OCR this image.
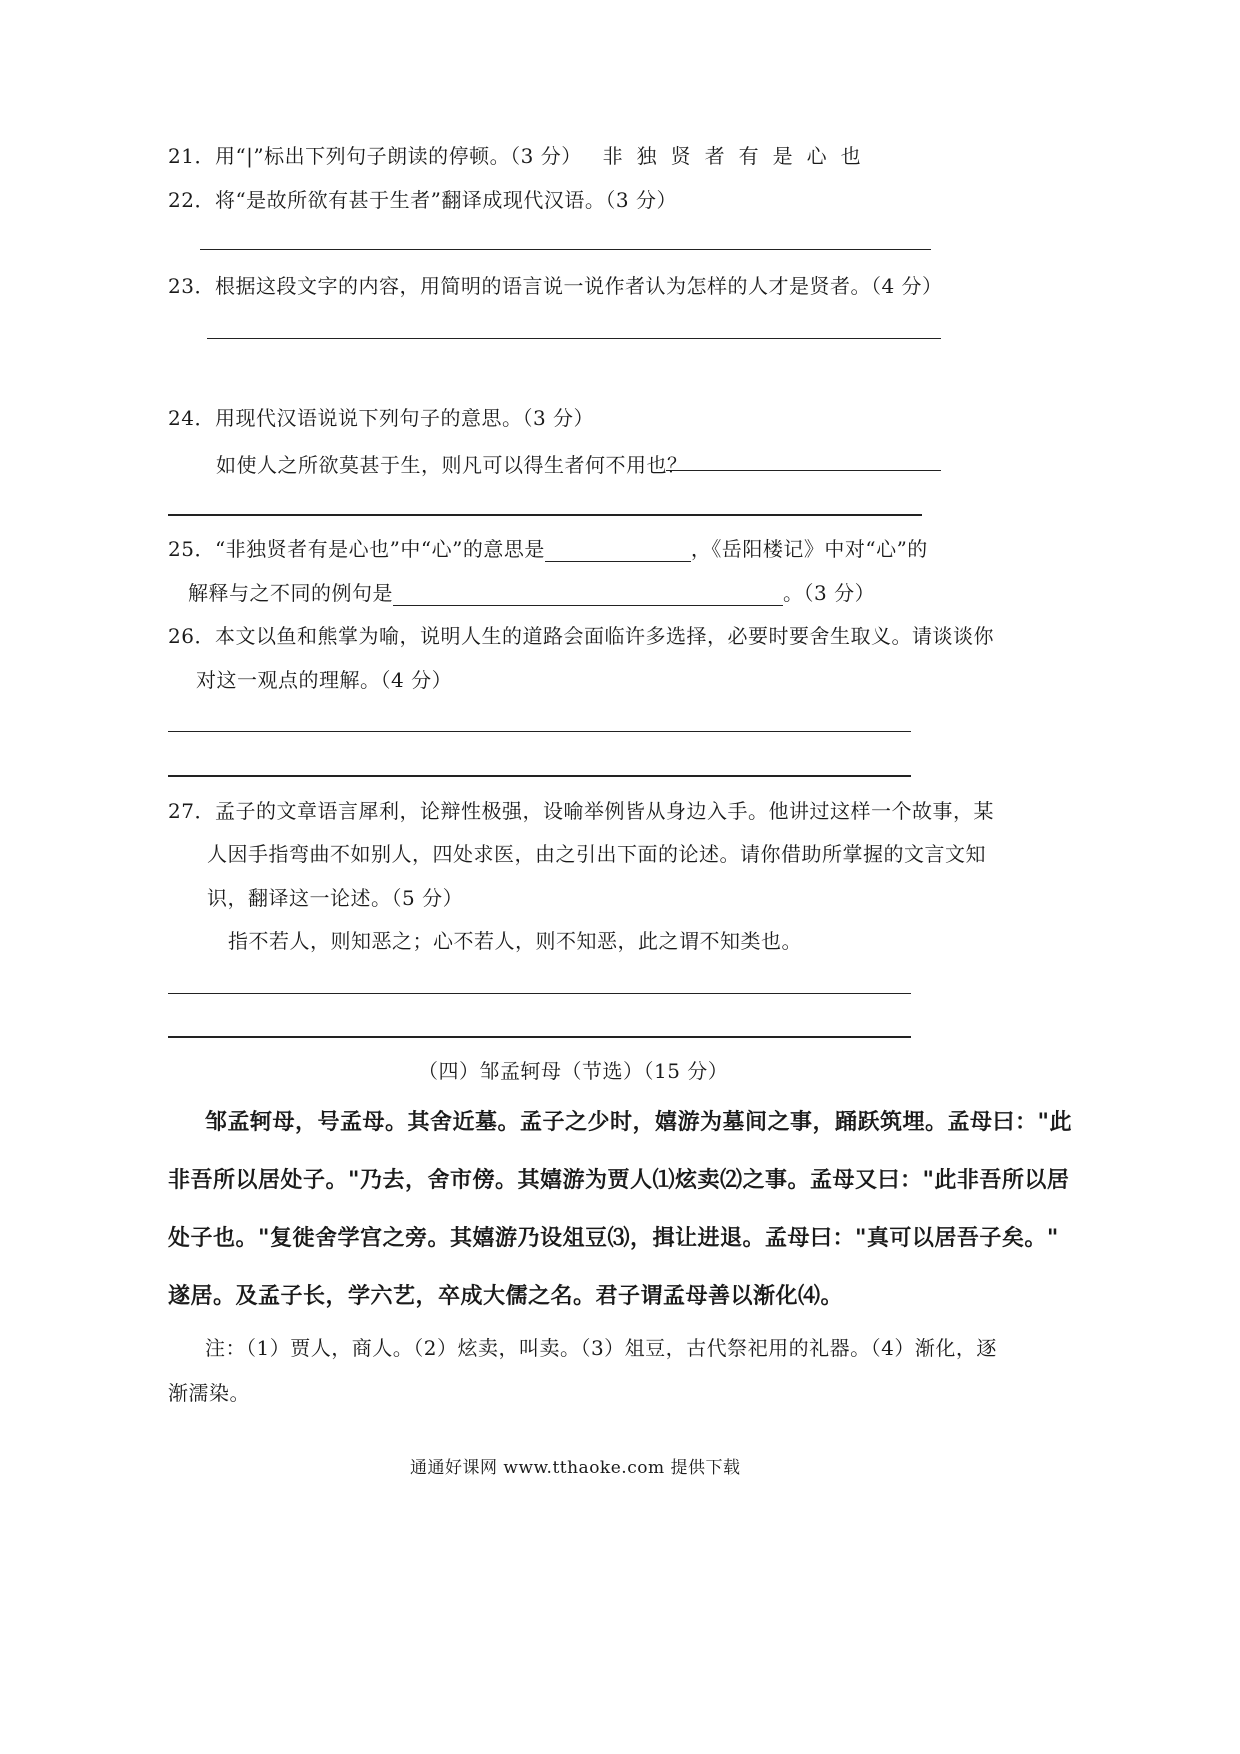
21．用“|”标出下列句子朗读的停顿。（3 分） 非独贤者有是心也
22．将“是故所欲有甚于生者”翻译成现代汉语。（3 分）
23．根据这段文字的内容，用简明的语言说一说作者认为怎样的人才是贤者。（4 分）
24．用现代汉语说说下列句子的意思。（3 分）
如使人之所欲莫甚于生，则凡可以得生者何不用也？
25．“非独贤者有是心也”中“心”的意思是	，《岳阳楼记》中对“心”的
解释与之不同的例句是	。（3 分）
26．本文以鱼和熊掌为喻，说明人生的道路会面临许多选择，必要时要舍生取义。请谈谈你
对这一观点的理解。（4 分）
27．孟子的文章语言犀利，论辩性极强，设喻举例皆从身边入手。他讲过这样一个故事，某
人因手指弯曲不如别人，四处求医，由之引出下面的论述。请你借助所掌握的文言文知
识，翻译这一论述。（5 分）
指不若人，则知恶之；心不若人，则不知恶，此之谓不知类也。
（四）邹孟轲母（节选）（15 分）
邹孟轲母，号孟母。其舍近墓。孟子之少时，嬉游为墓间之事，踊跃筑埋。孟母曰："此
非吾所以居处子。"乃去，舍市傍。其嬉游为贾人⑴炫卖⑵之事。孟母又曰："此非吾所以居
处子也。"复徙舍学宫之旁。其嬉游乃设俎豆⑶，揖让进退。孟母曰："真可以居吾子矣。"
遂居。及孟子长，学六艺，卒成大儒之名。君子谓孟母善以渐化⑷。
注：（1）贾人，商人。（2）炫卖，叫卖。（3）俎豆，古代祭祀用的礼器。（4）渐化，逐
渐濡染。
通通好课网 www.tthaoke.com 提供下载
